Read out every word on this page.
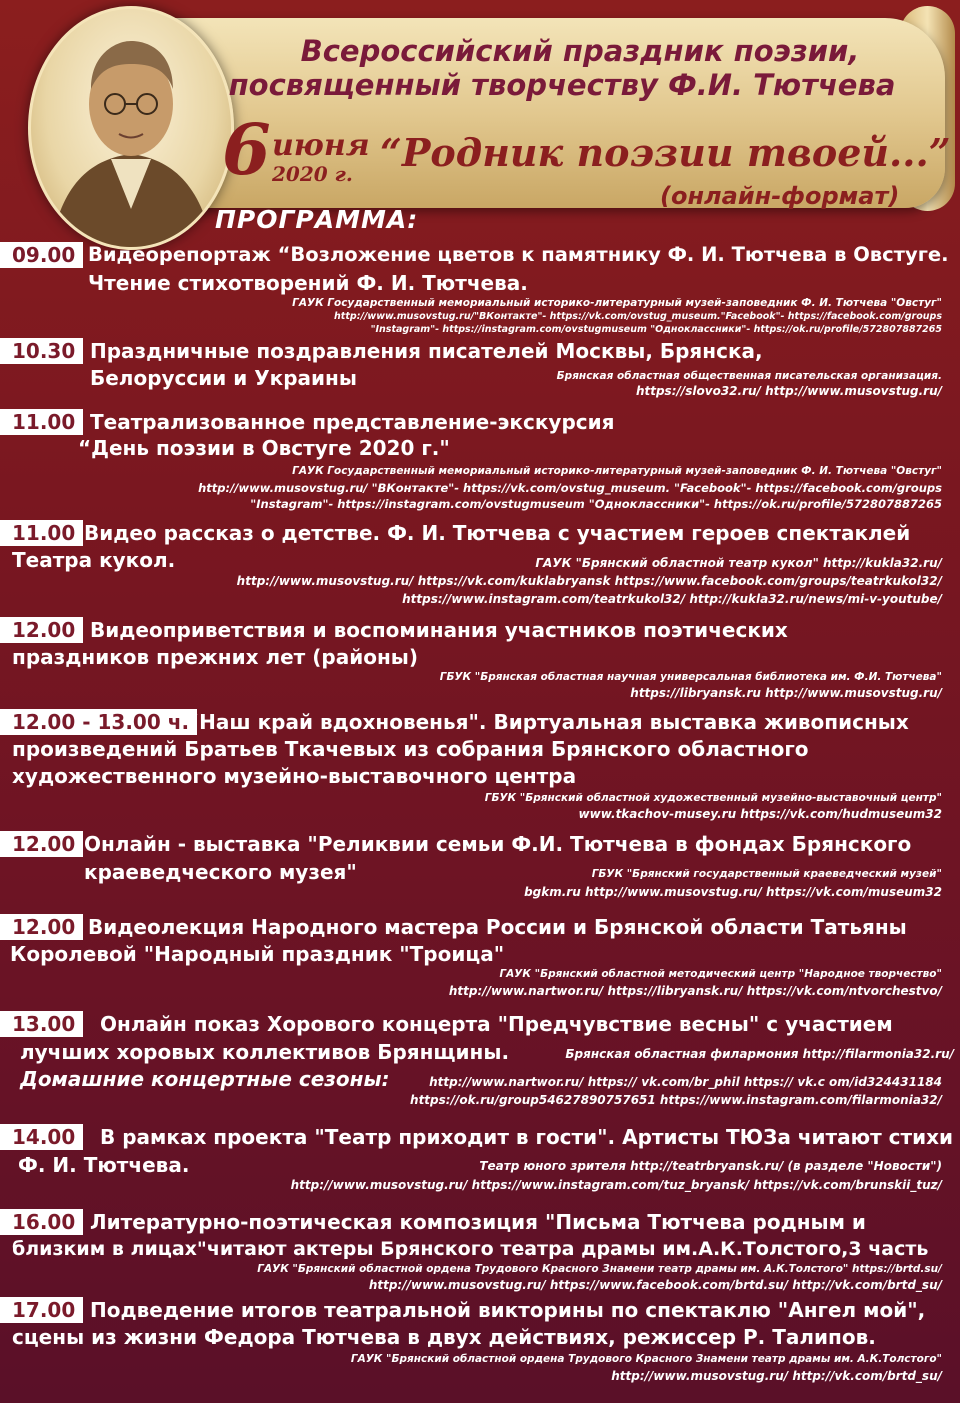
Всероссийский праздник поэзии,
посвященный творчеству Ф.И. Тютчева
6 июня
2020 г. “Родник поэзии твоей...”
(онлайн-формат)
ПРОГРАММА:
09.00 Видеорепортаж “Возложение цветов к памятнику Ф. И. Тютчева в Овстуге.
Чтение стихотворений Ф. И. Тютчева.
ГАУК Государственный мемориальный историко-литературный музей-заповедник Ф. И. Тютчева "Овстуг"
http://www.musovstug.ru/"ВКонтакте"- https://vk.com/ovstug_museum."Facebook"- https://facebook.com/groups
"Instagram"- https://instagram.com/ovstugmuseum "Одноклассники"- https://ok.ru/profile/572807887265
10.30 Праздничные поздравления писателей Москвы, Брянска,
Белоруссии и Украины	Брянская областная общественная писательская организация.
https://slovo32.ru/ http://www.musovstug.ru/
11.00 Театрализованное представление-экскурсия
“День поэзии в Овстуге 2020 г."
ГАУК Государственный мемориальный историко-литературный музей-заповедник Ф. И. Тютчева "Овстуг"
http://www.musovstug.ru/ "ВКонтакте"- https://vk.com/ovstug_museum. "Facebook"- https://facebook.com/groups
"Instagram"- https://instagram.com/ovstugmuseum "Одноклассники"- https://ok.ru/profile/572807887265
11.00 Видео рассказ о детстве. Ф. И. Тютчева с участием героев спектаклей
Театра кукол.	ГАУК "Брянский областной театр кукол" http://kukla32.ru/
http://www.musovstug.ru/ https://vk.com/kuklabryansk https://www.facebook.com/groups/teatrkukol32/
https://www.instagram.com/teatrkukol32/ http://kukla32.ru/news/mi-v-youtube/
12.00 Видеоприветствия и воспоминания участников поэтических
праздников прежних лет (районы)
ГБУК "Брянская областная научная универсальная библиотека им. Ф.И. Тютчева"
https://libryansk.ru http://www.musovstug.ru/
12.00 - 13.00 ч.
“Наш край вдохновенья". Виртуальная выставка живописных
произведений Братьев Ткачевых из собрания Брянского областного
художественного музейно-выставочного центра
ГБУК "Брянский областной художественный музейно-выставочный центр"
www.tkachov-musey.ru https://vk.com/hudmuseum32
12.00 Онлайн - выставка "Реликвии семьи Ф.И. Тютчева в фондах Брянского
краеведческого музея"	ГБУК "Брянский государственный краеведческий музей"
bgkm.ru http://www.musovstug.ru/ https://vk.com/museum32
12.00 Видеолекция Народного мастера России и Брянской области Татьяны
Королевой "Народный праздник "Троица"
ГАУК "Брянский областной методический центр "Народное творчество"
http://www.nartwor.ru/ https://libryansk.ru/ https://vk.com/ntvorchestvo/
13.00	Онлайн показ Хорового концерта "Предчувствие весны" с участием
лучших хоровых коллективов Брянщины.
Домашние концертные сезоны:
Брянская областная филармония http://filarmonia32.ru/
http://www.nartwor.ru/ https:// vk.com/br_phil https:// vk.c om/id324431184
https://ok.ru/group54627890757651 https://www.instagram.com/filarmonia32/
14.00	В рамках проекта "Театр приходит в гости". Артисты ТЮЗа читают стихи
Ф. И. Тютчева.	Театр юного зрителя http://teatrbryansk.ru/ (в разделе "Новости")
http://www.musovstug.ru/ https://www.instagram.com/tuz_bryansk/ https://vk.com/brunskii_tuz/
16.00 Литературно-поэтическая композиция "Письма Тютчева родным и
близким в лицах"читают актеры Брянского театра драмы им.А.К.Толстого,3 часть
ГАУК "Брянский областной ордена Трудового Красного Знамени театр драмы им. А.К.Толстого" https://brtd.su/
http://www.musovstug.ru/ https://www.facebook.com/brtd.su/ http://vk.com/brtd_su/
17.00 Подведение итогов театральной викторины по спектаклю "Ангел мой",
сцены из жизни Федора Тютчева в двух действиях, режиссер Р. Талипов.
ГАУК "Брянский областной ордена Трудового Красного Знамени театр драмы им. А.К.Толстого"
http://www.musovstug.ru/ http://vk.com/brtd_su/
